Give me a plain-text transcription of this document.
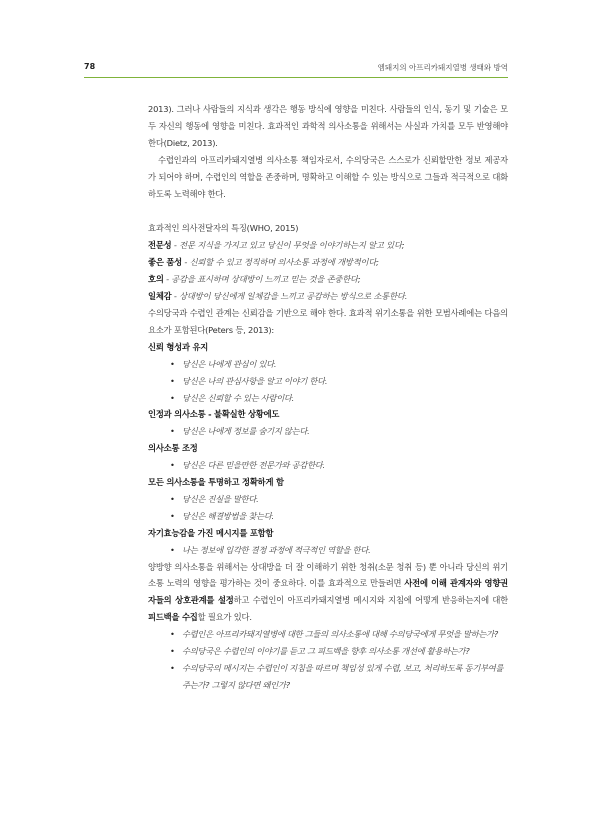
78	엠돼지의 아프리카돼지열병 생태와 방역

2013). 그러나 사람들의 지식과 생각은 행동 방식에 영향을 미친다. 사람들의 인식, 동기 및 기술은 모두 자신의 행동에 영향을 미친다. 효과적인 과학적 의사소통을 위해서는 사실과 가치를 모두 반영해야 한다(Dietz, 2013).

수렵인과의 아프리카돼지열병 의사소통 책임자로서, 수의당국은 스스로가 신뢰할만한 정보 제공자가 되어야 하며, 수렵인의 역할을 존중하며, 명확하고 이해할 수 있는 방식으로 그들과 적극적으로 대화하도록 노력해야 한다.

효과적인 의사전달자의 특징(WHO, 2015)

전문성 - 전문 지식을 가지고 있고 당신이 무엇을 이야기하는지 알고 있다;

좋은 품성 - 신뢰할 수 있고 정직하며 의사소통 과정에 개방적이다;

호의 - 공감을 표시하며 상대방이 느끼고 믿는 것을 존중한다;

일체감 - 상대방이 당신에게 일체감을 느끼고 공감하는 방식으로 소통한다.

수의당국과 수렵인 관계는 신뢰감을 기반으로 해야 한다. 효과적 위기소통을 위한 모범사례에는 다음의 요소가 포함된다(Peters 등, 2013):

신뢰 형성과 유지

• 당신은 나에게 관심이 있다.
• 당신은 나의 관심사항을 알고 이야기 한다.
• 당신은 신뢰할 수 있는 사람이다.

인정과 의사소통 - 불확실한 상황에도

• 당신은 나에게 정보를 숨기지 않는다.

의사소통 조정

• 당신은 다른 믿을만한 전문가와 공감한다.

모든 의사소통을 투명하고 정확하게 함

• 당신은 진실을 말한다.
• 당신은 해결방법을 찾는다.

자기효능감을 가진 메시지를 포함함

• 나는 정보에 입각한 결정 과정에 적극적인 역할을 한다.

양방향 의사소통을 위해서는 상대방을 더 잘 이해하기 위한 청취(소문 청취 등) 뿐 아니라 당신의 위기소통 노력의 영향을 평가하는 것이 중요하다. 이를 효과적으로 만들려면 사전에 이해 관계자와 영향권자들의 상호관계를 설정하고 수렵인이 아프리카돼지열병 메시지와 지침에 어떻게 반응하는지에 대한 피드백을 수집할 필요가 있다.

• 수렵인은 아프리카돼지열병에 대한 그들의 의사소통에 대해 수의당국에게 무엇을 말하는가?
• 수의당국은 수렵인의 이야기를 듣고 그 피드백을 향후 의사소통 개선에 활용하는가?
• 수의당국의 메시지는 수렵인이 지침을 따르며 책임성 있게 수렵, 보고, 처리하도록 동기부여를 주는가? 그렇지 않다면 왜인가?
